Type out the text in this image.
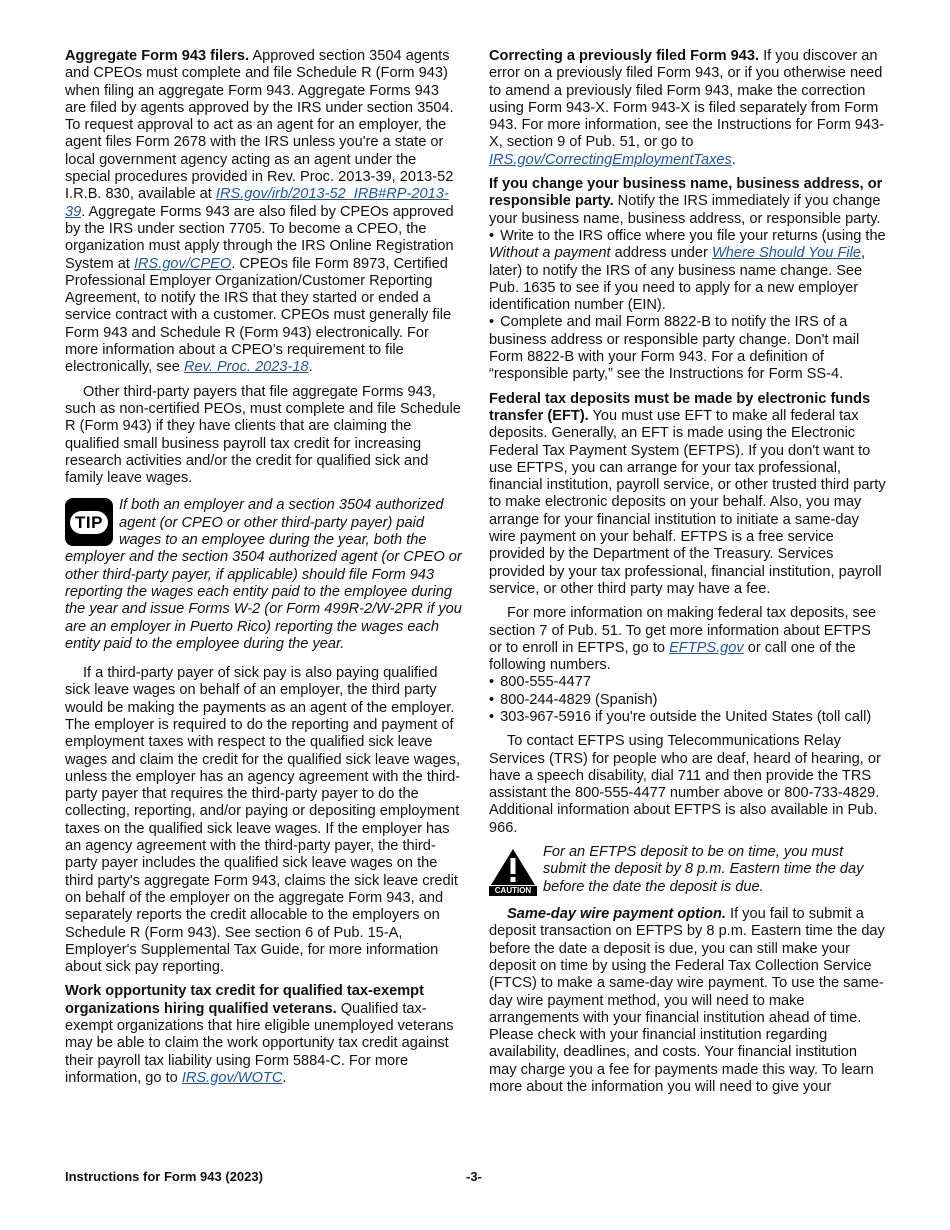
Aggregate Form 943 filers. Approved section 3504 agents and CPEOs must complete and file Schedule R (Form 943) when filing an aggregate Form 943. Aggregate Forms 943 are filed by agents approved by the IRS under section 3504. To request approval to act as an agent for an employer, the agent files Form 2678 with the IRS unless you're a state or local government agency acting as an agent under the special procedures provided in Rev. Proc. 2013-39, 2013-52 I.R.B. 830, available at IRS.gov/irb/2013-52_IRB#RP-2013-39. Aggregate Forms 943 are also filed by CPEOs approved by the IRS under section 7705. To become a CPEO, the organization must apply through the IRS Online Registration System at IRS.gov/CPEO. CPEOs file Form 8973, Certified Professional Employer Organization/Customer Reporting Agreement, to notify the IRS that they started or ended a service contract with a customer. CPEOs must generally file Form 943 and Schedule R (Form 943) electronically. For more information about a CPEO’s requirement to file electronically, see Rev. Proc. 2023-18.

Other third-party payers that file aggregate Forms 943, such as non-certified PEOs, must complete and file Schedule R (Form 943) if they have clients that are claiming the qualified small business payroll tax credit for increasing research activities and/or the credit for qualified sick and family leave wages.

TIP
If both an employer and a section 3504 authorized agent (or CPEO or other third-party payer) paid wages to an employee during the year, both the employer and the section 3504 authorized agent (or CPEO or other third-party payer, if applicable) should file Form 943 reporting the wages each entity paid to the employee during the year and issue Forms W-2 (or Form 499R-2/W-2PR if you are an employer in Puerto Rico) reporting the wages each entity paid to the employee during the year.

If a third-party payer of sick pay is also paying qualified sick leave wages on behalf of an employer, the third party would be making the payments as an agent of the employer. The employer is required to do the reporting and payment of employment taxes with respect to the qualified sick leave wages and claim the credit for the qualified sick leave wages, unless the employer has an agency agreement with the third-party payer that requires the third-party payer to do the collecting, reporting, and/or paying or depositing employment taxes on the qualified sick leave wages. If the employer has an agency agreement with the third-party payer, the third-party payer includes the qualified sick leave wages on the third party's aggregate Form 943, claims the sick leave credit on behalf of the employer on the aggregate Form 943, and separately reports the credit allocable to the employers on Schedule R (Form 943). See section 6 of Pub. 15-A, Employer's Supplemental Tax Guide, for more information about sick pay reporting.

Work opportunity tax credit for qualified tax-exempt organizations hiring qualified veterans. Qualified tax-exempt organizations that hire eligible unemployed veterans may be able to claim the work opportunity tax credit against their payroll tax liability using Form 5884-C. For more information, go to IRS.gov/WOTC.

Correcting a previously filed Form 943. If you discover an error on a previously filed Form 943, or if you otherwise need to amend a previously filed Form 943, make the correction using Form 943-X. Form 943-X is filed separately from Form 943. For more information, see the Instructions for Form 943-X, section 9 of Pub. 51, or go to IRS.gov/CorrectingEmploymentTaxes.

If you change your business name, business address, or responsible party. Notify the IRS immediately if you change your business name, business address, or responsible party.

• Write to the IRS office where you file your returns (using the Without a payment address under Where Should You File, later) to notify the IRS of any business name change. See Pub. 1635 to see if you need to apply for a new employer identification number (EIN).

• Complete and mail Form 8822-B to notify the IRS of a business address or responsible party change. Don't mail Form 8822-B with your Form 943. For a definition of “responsible party,” see the Instructions for Form SS-4.

Federal tax deposits must be made by electronic funds transfer (EFT). You must use EFT to make all federal tax deposits. Generally, an EFT is made using the Electronic Federal Tax Payment System (EFTPS). If you don't want to use EFTPS, you can arrange for your tax professional, financial institution, payroll service, or other trusted third party to make electronic deposits on your behalf. Also, you may arrange for your financial institution to initiate a same-day wire payment on your behalf. EFTPS is a free service provided by the Department of the Treasury. Services provided by your tax professional, financial institution, payroll service, or other third party may have a fee.

For more information on making federal tax deposits, see section 7 of Pub. 51. To get more information about EFTPS or to enroll in EFTPS, go to EFTPS.gov or call one of the following numbers.

• 800-555-4477

• 800-244-4829 (Spanish)

• 303-967-5916 if you're outside the United States (toll call)

To contact EFTPS using Telecommunications Relay Services (TRS) for people who are deaf, heard of hearing, or have a speech disability, dial 711 and then provide the TRS assistant the 800-555-4477 number above or 800-733-4829. Additional information about EFTPS is also available in Pub. 966.

CAUTION
For an EFTPS deposit to be on time, you must submit the deposit by 8 p.m. Eastern time the day before the date the deposit is due.

Same-day wire payment option. If you fail to submit a deposit transaction on EFTPS by 8 p.m. Eastern time the day before the date a deposit is due, you can still make your deposit on time by using the Federal Tax Collection Service (FTCS) to make a same-day wire payment. To use the same-day wire payment method, you will need to make arrangements with your financial institution ahead of time. Please check with your financial institution regarding availability, deadlines, and costs. Your financial institution may charge you a fee for payments made this way. To learn more about the information you will need to give your

Instructions for Form 943 (2023)	-3-
